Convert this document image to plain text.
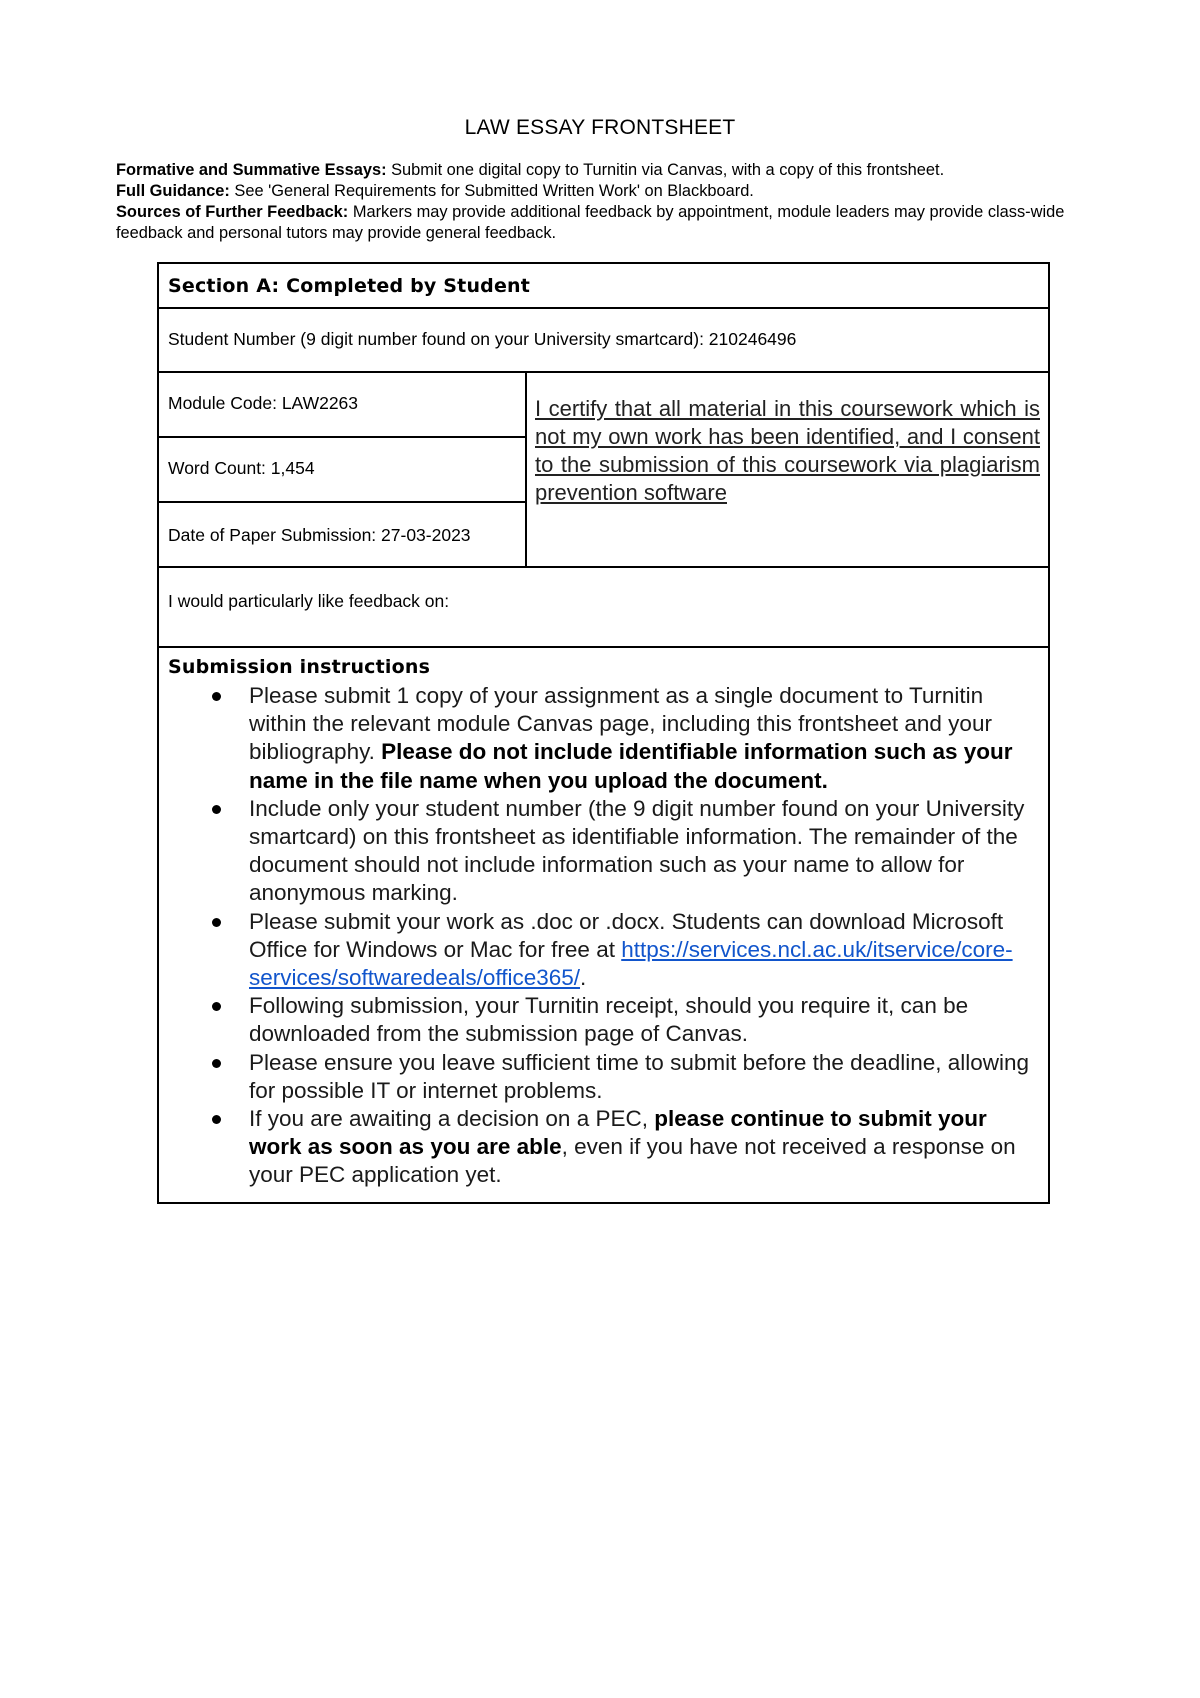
LAW ESSAY FRONTSHEET
Formative and Summative Essays: Submit one digital copy to Turnitin via Canvas, with a copy of this frontsheet.
Full Guidance: See 'General Requirements for Submitted Written Work' on Blackboard.
Sources of Further Feedback: Markers may provide additional feedback by appointment, module leaders may provide class-wide feedback and personal tutors may provide general feedback.
Section A: Completed by Student
Student Number (9 digit number found on your University smartcard): 210246496
Module Code: LAW2263
Word Count: 1,454
Date of Paper Submission: 27-03-2023
I certify that all material in this coursework which is not my own work has been identified, and I consent to the submission of this coursework via plagiarism prevention software
I would particularly like feedback on:
Submission instructions
Please submit 1 copy of your assignment as a single document to Turnitin within the relevant module Canvas page, including this frontsheet and your bibliography. Please do not include identifiable information such as your name in the file name when you upload the document.
Include only your student number (the 9 digit number found on your University smartcard) on this frontsheet as identifiable information. The remainder of the document should not include information such as your name to allow for anonymous marking.
Please submit your work as .doc or .docx. Students can download Microsoft Office for Windows or Mac for free at https://services.ncl.ac.uk/itservice/core-services/softwaredeals/office365/.
Following submission, your Turnitin receipt, should you require it, can be downloaded from the submission page of Canvas.
Please ensure you leave sufficient time to submit before the deadline, allowing for possible IT or internet problems.
If you are awaiting a decision on a PEC, please continue to submit your work as soon as you are able, even if you have not received a response on your PEC application yet.
